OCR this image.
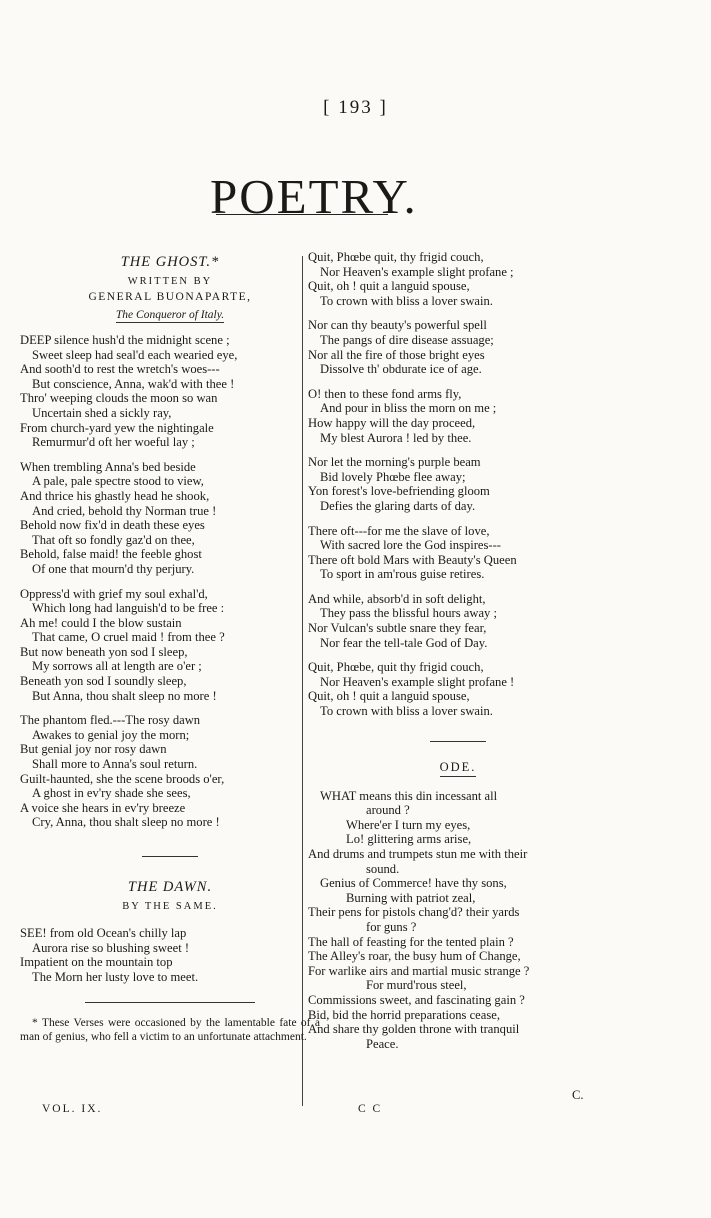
[ 193 ]
POETRY.
THE GHOST.*
WRITTEN BY
GENERAL BUONAPARTE,
The Conqueror of Italy.
DEEP silence hush'd the midnight scene ;
Sweet sleep had seal'd each wearied eye,
And sooth'd to rest the wretch's woes---
But conscience, Anna, wak'd with thee !
Thro' weeping clouds the moon so wan
Uncertain shed a sickly ray,
From church-yard yew the nightingale
Remurmur'd oft her woeful lay ;
When trembling Anna's bed beside
A pale, pale spectre stood to view,
And thrice his ghastly head he shook,
And cried, behold thy Norman true !
Behold now fix'd in death these eyes
That oft so fondly gaz'd on thee,
Behold, false maid! the feeble ghost
Of one that mourn'd thy perjury.
Oppress'd with grief my soul exhal'd,
Which long had languish'd to be free :
Ah me! could I the blow sustain
That came, O cruel maid ! from thee ?
But now beneath yon sod I sleep,
My sorrows all at length are o'er ;
Beneath yon sod I soundly sleep,
But Anna, thou shalt sleep no more !
The phantom fled.---The rosy dawn
Awakes to genial joy the morn;
But genial joy nor rosy dawn
Shall more to Anna's soul return.
Guilt-haunted, she the scene broods o'er,
A ghost in ev'ry shade she sees,
A voice she hears in ev'ry breeze
Cry, Anna, thou shalt sleep no more !
THE DAWN.
BY THE SAME.
SEE! from old Ocean's chilly lap
Aurora rise so blushing sweet !
Impatient on the mountain top
The Morn her lusty love to meet.
* These Verses were occasioned by the lamentable fate of a man of genius, who fell a victim to an unfortunate attachment.
Quit, Phœbe quit, thy frigid couch,
Nor Heaven's example slight profane ;
Quit, oh ! quit a languid spouse,
To crown with bliss a lover swain.
Nor can thy beauty's powerful spell
The pangs of dire disease assuage;
Nor all the fire of those bright eyes
Dissolve th' obdurate ice of age.
O! then to these fond arms fly,
And pour in bliss the morn on me ;
How happy will the day proceed,
My blest Aurora ! led by thee.
Nor let the morning's purple beam
Bid lovely Phœbe flee away;
Yon forest's love-befriending gloom
Defies the glaring darts of day.
There oft---for me the slave of love,
With sacred lore the God inspires---
There oft bold Mars with Beauty's Queen
To sport in am'rous guise retires.
And while, absorb'd in soft delight,
They pass the blissful hours away ;
Nor Vulcan's subtle snare they fear,
Nor fear the tell-tale God of Day.
Quit, Phœbe, quit thy frigid couch,
Nor Heaven's example slight profane !
Quit, oh ! quit a languid spouse,
To crown with bliss a lover swain.
ODE.
WHAT means this din incessant all
around ?
Where'er I turn my eyes,
Lo! glittering arms arise,
And drums and trumpets stun me with their
sound.
Genius of Commerce! have thy sons,
Burning with patriot zeal,
Their pens for pistols chang'd? their yards
for guns ?
The hall of feasting for the tented plain ?
The Alley's roar, the busy hum of Change,
For warlike airs and martial music strange ?
For murd'rous steel,
Commissions sweet, and fascinating gain ?
Bid, bid the horrid preparations cease,
And share thy golden throne with tranquil
Peace.
VOL. IX.	C C
C.
